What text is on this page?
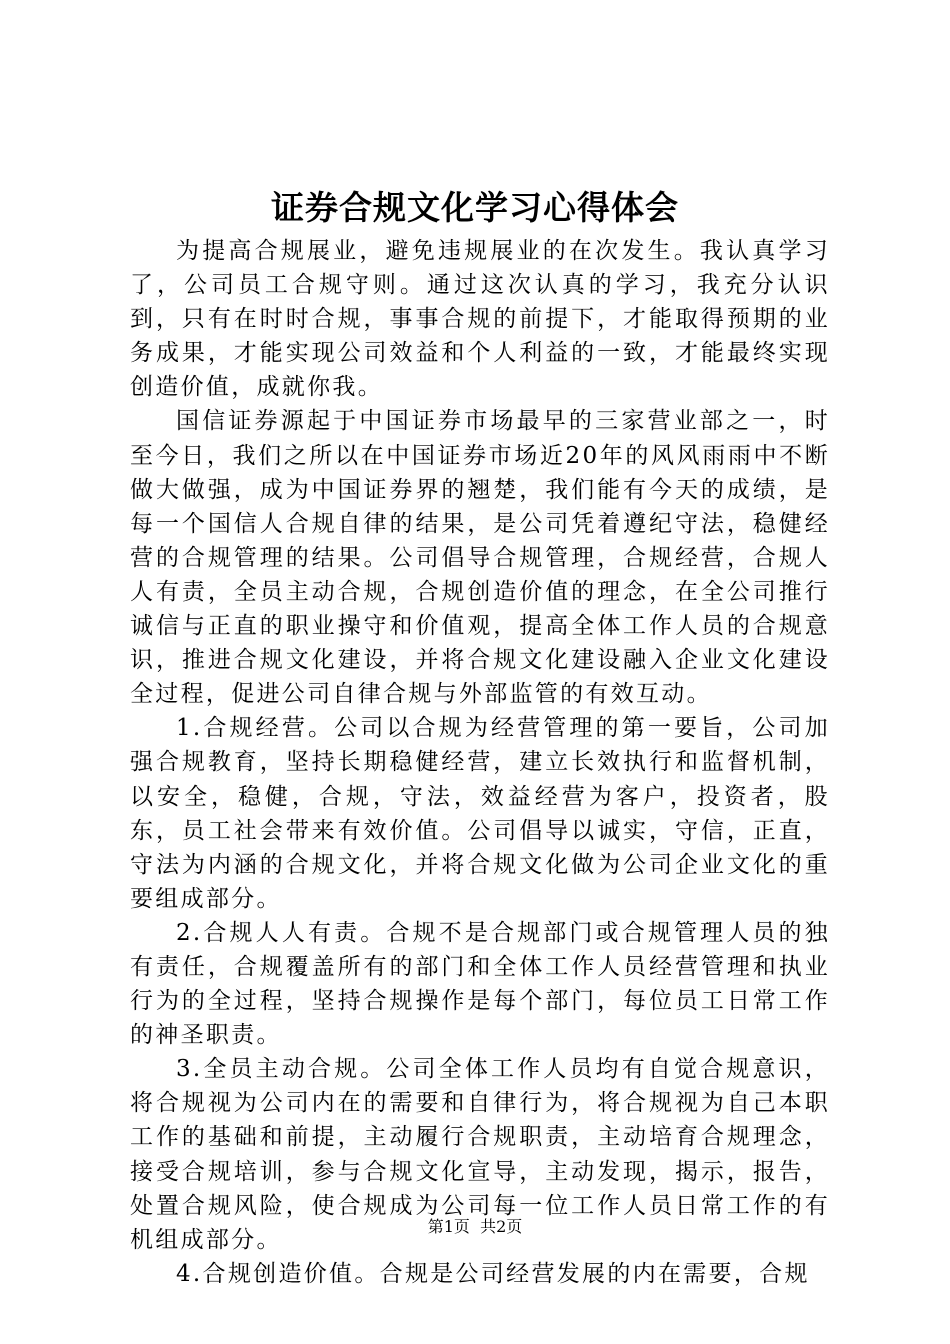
证券合规文化学习心得体会

为提高合规展业，避免违规展业的在次发生。我认真学习了，公司员工合规守则。通过这次认真的学习，我充分认识到，只有在时时合规，事事合规的前提下，才能取得预期的业务成果，才能实现公司效益和个人利益的一致，才能最终实现创造价值，成就你我。

国信证券源起于中国证券市场最早的三家营业部之一，时至今日，我们之所以在中国证券市场近20年的风风雨雨中不断做大做强，成为中国证券界的翘楚，我们能有今天的成绩，是每一个国信人合规自律的结果，是公司凭着遵纪守法，稳健经营的合规管理的结果。公司倡导合规管理，合规经营，合规人人有责，全员主动合规，合规创造价值的理念，在全公司推行诚信与正直的职业操守和价值观，提高全体工作人员的合规意识，推进合规文化建设，并将合规文化建设融入企业文化建设全过程，促进公司自律合规与外部监管的有效互动。

1.合规经营。公司以合规为经营管理的第一要旨，公司加强合规教育，坚持长期稳健经营，建立长效执行和监督机制，以安全，稳健，合规，守法，效益经营为客户，投资者，股东，员工社会带来有效价值。公司倡导以诚实，守信，正直，守法为内涵的合规文化，并将合规文化做为公司企业文化的重要组成部分。

2.合规人人有责。合规不是合规部门或合规管理人员的独有责任，合规覆盖所有的部门和全体工作人员经营管理和执业行为的全过程，坚持合规操作是每个部门，每位员工日常工作的神圣职责。

3.全员主动合规。公司全体工作人员均有自觉合规意识，将合规视为公司内在的需要和自律行为，将合规视为自己本职工作的基础和前提，主动履行合规职责，主动培育合规理念，接受合规培训，参与合规文化宣导，主动发现，揭示，报告，处置合规风险，使合规成为公司每一位工作人员日常工作的有机组成部分。

4.合规创造价值。合规是公司经营发展的内在需要，合规

第1页  共2页
